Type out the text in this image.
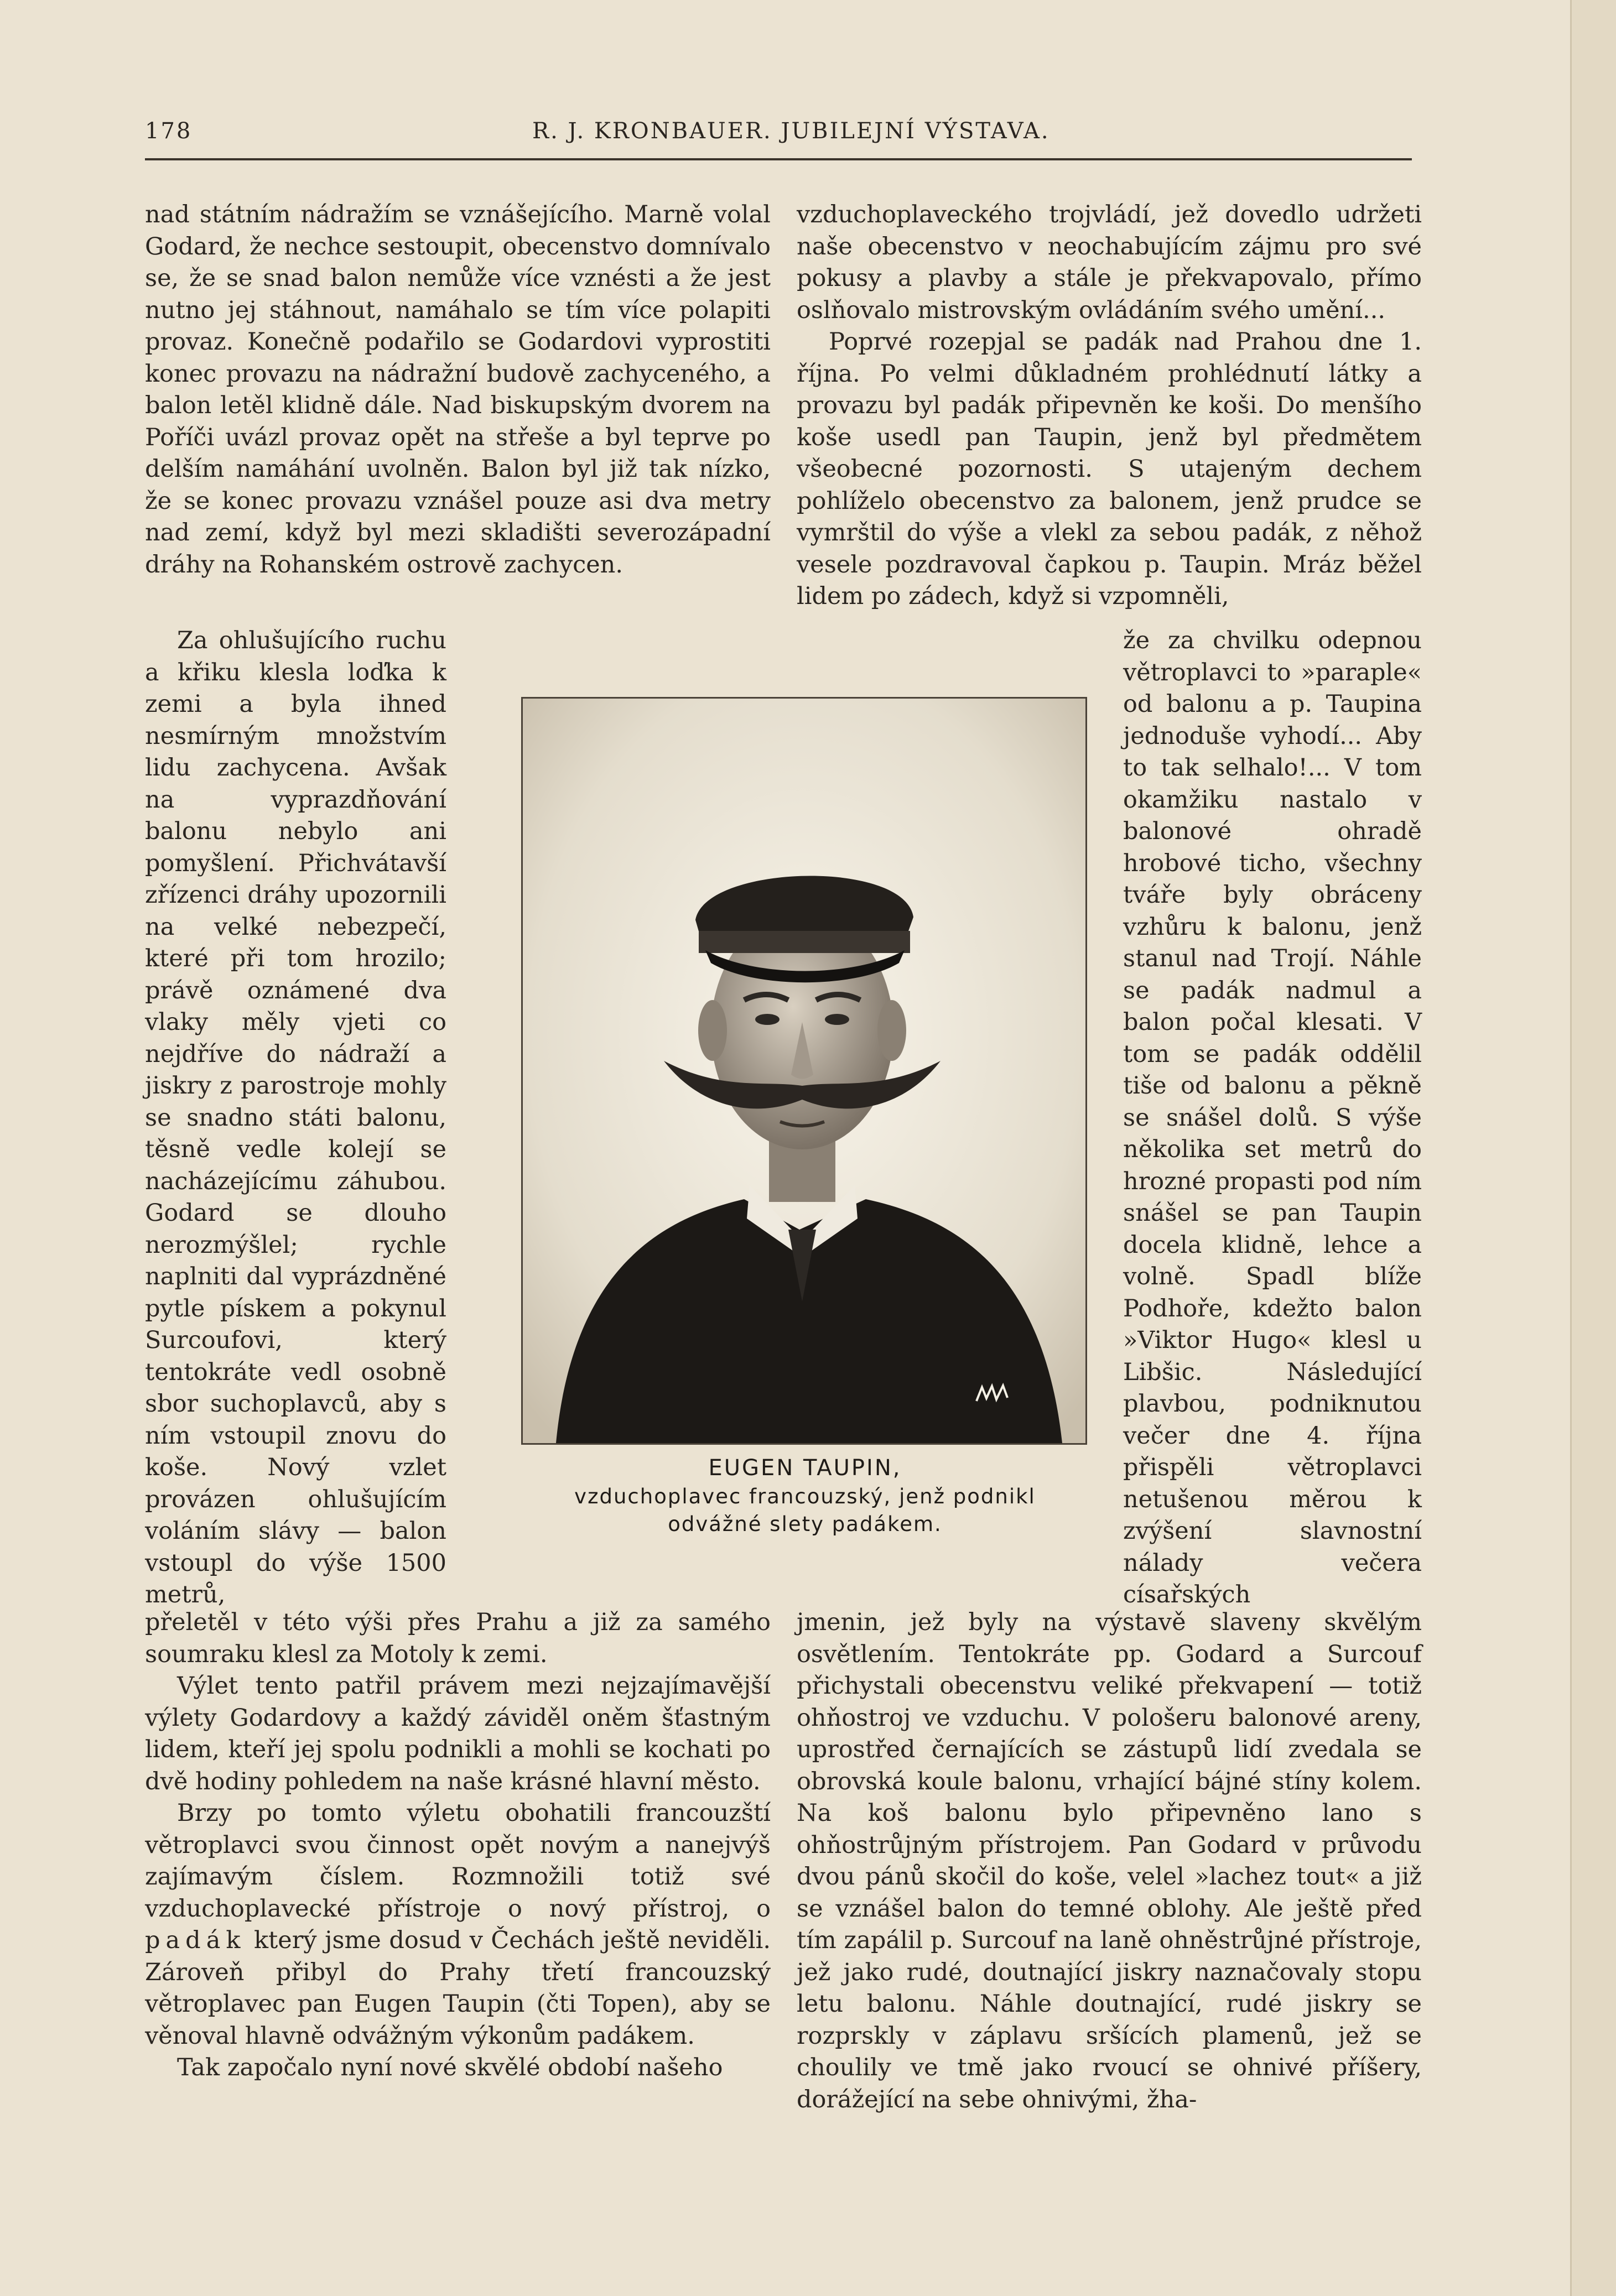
178	R. J. KRONBAUER. JUBILEJNÍ VÝSTAVA.

nad státním nádražím se vznášejícího. Marně volal Godard, že nechce sestoupit, obecenstvo domnívalo se, že se snad balon nemůže více vznésti a že jest nutno jej stáhnout, namáhalo se tím více polapiti provaz. Konečně podařilo se Godardovi vyprostiti konec provazu na nádražní budově zachyceného, a balon letěl klidně dále. Nad biskupským dvorem na Poříči uvázl provaz opět na střeše a byl teprve po delším namáhání uvolněn. Balon byl již tak nízko, že se konec provazu vznášel pouze asi dva metry nad zemí, když byl mezi skladišti severozápadní dráhy na Rohanském ostrově zachycen.

Za ohlušujícího ruchu a křiku klesla loďka k zemi a byla ihned nesmírným množstvím lidu zachycena. Avšak na vyprazdňování balonu nebylo ani pomyšlení. Přichvátavší zřízenci dráhy upozornili na velké nebezpečí, které při tom hrozilo; právě oznámené dva vlaky měly vjeti co nejdříve do nádraží a jiskry z parostroje mohly se snadno státi balonu, těsně vedle kolejí se nacházejícímu záhubou. Godard se dlouho nerozmýšlel; rychle naplniti dal vyprázdněné pytle pískem a pokynul Surcoufovi, který tentokráte vedl osobně sbor suchoplavců, aby s ním vstoupil znovu do koše. Nový vzlet provázen ohlušujícím voláním slávy — balon vstoupl do výše 1500 metrů,

přeletěl v této výši přes Prahu a již za samého soumraku klesl za Motoly k zemi.

Výlet tento patřil právem mezi nejzajímavější výlety Godardovy a každý záviděl oněm šťastným lidem, kteří jej spolu podnikli a mohli se kochati po dvě hodiny pohledem na naše krásné hlavní město.

Brzy po tomto výletu obohatili francouzští větroplavci svou činnost opět novým a nanejvýš zajímavým číslem. Rozmnožili totiž své vzduchoplavecké přístroje o nový přístroj, o padák který jsme dosud v Čechách ještě neviděli. Zároveň přibyl do Prahy třetí francouzský větroplavec pan Eugen Taupin (čti Topen), aby se věnoval hlavně odvážným výkonům padákem.

Tak započalo nyní nové skvělé období našeho

vzduchoplaveckého trojvládí, jež dovedlo udržeti naše obecenstvo v neochabujícím zájmu pro své pokusy a plavby a stále je překvapovalo, přímo oslňovalo mistrovským ovládáním svého umění...

Poprvé rozepjal se padák nad Prahou dne 1. října. Po velmi důkladném prohlédnutí látky a provazu byl padák připevněn ke koši. Do menšího koše usedl pan Taupin, jenž byl předmětem všeobecné pozornosti. S utajeným dechem pohlíželo obecenstvo za balonem, jenž prudce se vymrštil do výše a vlekl za sebou padák, z něhož vesele pozdravoval čapkou p. Taupin. Mráz běžel lidem po zádech, když si vzpomněli,

že za chvilku odepnou větroplavci to »paraple« od balonu a p. Taupina jednoduše vyhodí... Aby to tak selhalo!... V tom okamžiku nastalo v balonové ohradě hrobové ticho, všechny tváře byly obráceny vzhůru k balonu, jenž stanul nad Trojí. Náhle se padák nadmul a balon počal klesati. V tom se padák oddělil tiše od balonu a pěkně se snášel dolů. S výše několika set metrů do hrozné propasti pod ním snášel se pan Taupin docela klidně, lehce a volně. Spadl blíže Podhoře, kdežto balon »Viktor Hugo« klesl u Libšic. Následující plavbou, podniknutou večer dne 4. října přispěli větroplavci netušenou měrou k zvýšení slavnostní nálady večera císařských

jmenin, jež byly na výstavě slaveny skvělým osvětlením. Tentokráte pp. Godard a Surcouf přichystali obecenstvu veliké překvapení — totiž ohňostroj ve vzduchu. V pološeru balonové areny, uprostřed černajících se zástupů lidí zvedala se obrovská koule balonu, vrhající bájné stíny kolem. Na koš balonu bylo připevněno lano s ohňostrůjným přístrojem. Pan Godard v průvodu dvou pánů skočil do koše, velel »lachez tout« a již se vznášel balon do temné oblohy. Ale ještě před tím zapálil p. Surcouf na laně ohněstrůjné přístroje, jež jako rudé, doutnající jiskry naznačovaly stopu letu balonu. Náhle doutnající, rudé jiskry se rozprskly v záplavu sršících plamenů, jež se choulily ve tmě jako rvoucí se ohnivé příšery, dorážející na sebe ohnivými, žha-

EUGEN TAUPIN,
vzduchoplavec francouzský, jenž podnikl
odvážné slety padákem.
